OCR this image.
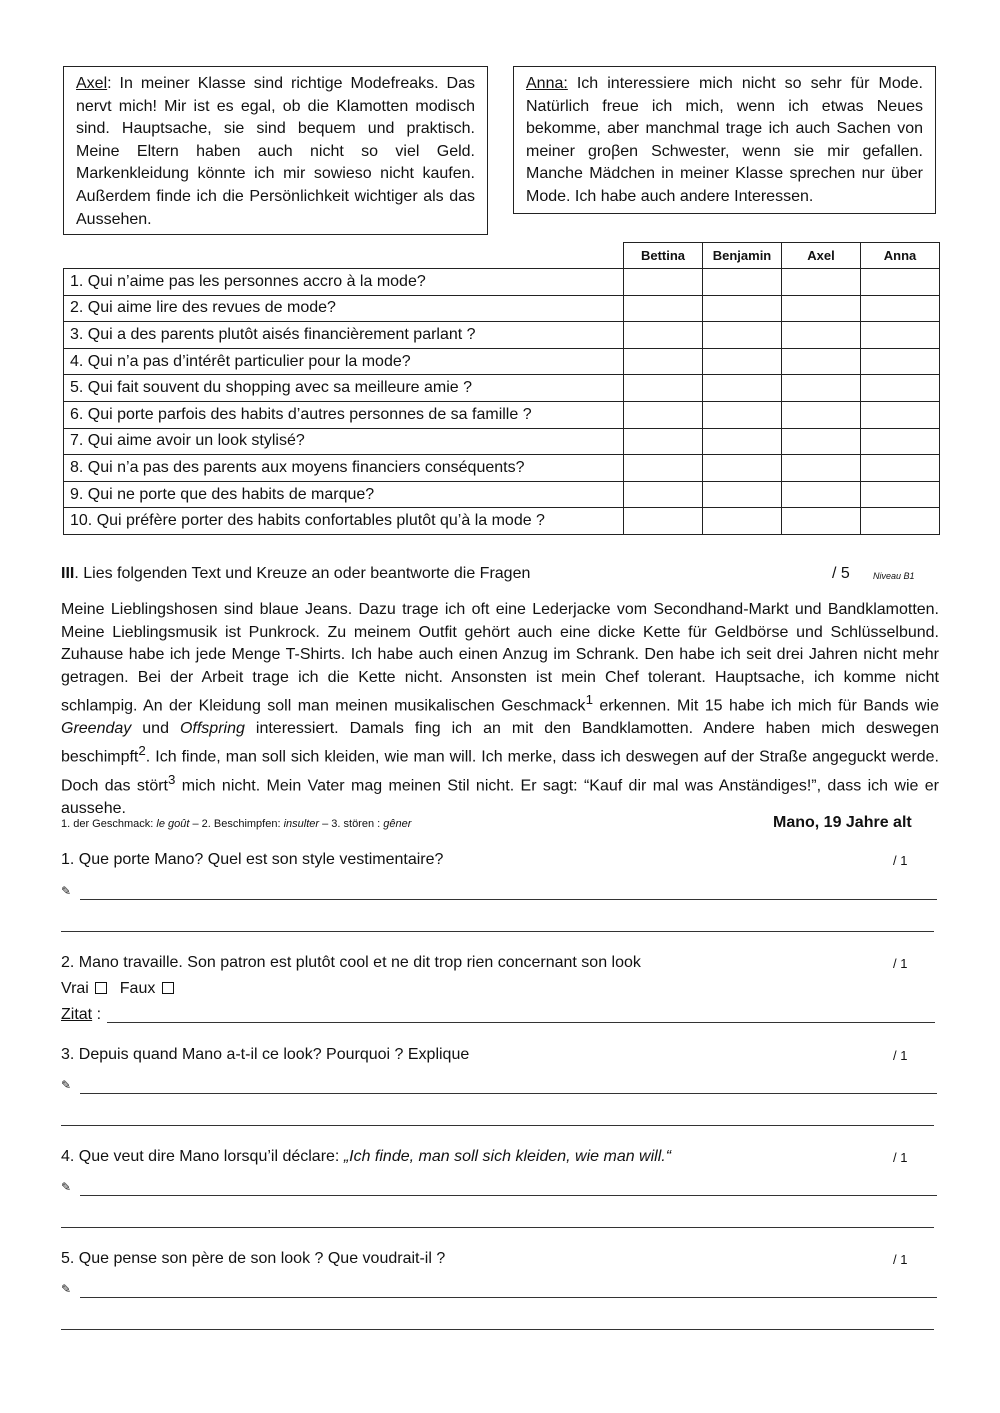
Axel: In meiner Klasse sind richtige Modefreaks. Das nervt mich! Mir ist es egal, ob die Klamotten modisch sind. Hauptsache, sie sind bequem und praktisch. Meine Eltern haben auch nicht so viel Geld. Markenkleidung könnte ich mir sowieso nicht kaufen. Außerdem finde ich die Persönlichkeit wichtiger als das Aussehen.
Anna: Ich interessiere mich nicht so sehr für Mode. Natürlich freue ich mich, wenn ich etwas Neues bekomme, aber manchmal trage ich auch Sachen von meiner groβen Schwester, wenn sie mir gefallen. Manche Mädchen in meiner Klasse sprechen nur über Mode. Ich habe auch andere Interessen.
	Bettina	Benjamin	Axel	Anna
1. Qui n’aime pas les personnes accro à la mode?				
2. Qui aime lire des revues de mode?				
3. Qui a des parents plutôt aisés financièrement parlant ?				
4. Qui n’a pas d’intérêt particulier pour la mode?				
5. Qui fait souvent du shopping avec sa meilleure amie ?				
6. Qui porte parfois des habits d’autres personnes de sa famille ?				
7. Qui aime avoir un look stylisé?				
8. Qui n’a pas des parents aux moyens financiers conséquents?				
9. Qui ne porte que des habits de marque?				
10. Qui préfère porter des habits confortables plutôt qu’à la mode ?				
III. Lies folgenden Text und Kreuze an oder beantworte die Fragen	/ 5	Niveau B1
Meine Lieblingshosen sind blaue Jeans. Dazu trage ich oft eine Lederjacke vom Secondhand-Markt und Bandklamotten. Meine Lieblingsmusik ist Punkrock. Zu meinem Outfit gehört auch eine dicke Kette für Geldbörse und Schlüsselbund. Zuhause habe ich jede Menge T-Shirts. Ich habe auch einen Anzug im Schrank. Den habe ich seit drei Jahren nicht mehr getragen. Bei der Arbeit trage ich die Kette nicht. Ansonsten ist mein Chef tolerant. Hauptsache, ich komme nicht schlampig. An der Kleidung soll man meinen musikalischen Geschmack$^1$ erkennen. Mit 15 habe ich mich für Bands wie Greenday und Offspring interessiert. Damals fing ich an mit den Bandklamotten. Andere haben mich deswegen beschimpft$^2$. Ich finde, man soll sich kleiden, wie man will. Ich merke, dass ich deswegen auf der Straße angeguckt werde. Doch das stört$^3$ mich nicht. Mein Vater mag meinen Stil nicht. Er sagt: “Kauf dir mal was Anständiges!”, dass ich wie er aussehe.
1. der Geschmack: le goût – 2. Beschimpfen: insulter – 3. stören : gêner	Mano, 19 Jahre alt
1. Que porte Mano? Quel est son style vestimentaire?	/ 1
✎
2. Mano travaille. Son patron est plutôt cool et ne dit trop rien concernant son look	/ 1
Vrai Faux
Zitat :
3. Depuis quand Mano a-t-il ce look? Pourquoi ? Explique	/ 1
✎
4. Que veut dire Mano lorsqu’il déclare: „Ich finde, man soll sich kleiden, wie man will.“	/ 1
✎
5. Que pense son père de son look ? Que voudrait-il ?	/ 1
✎
